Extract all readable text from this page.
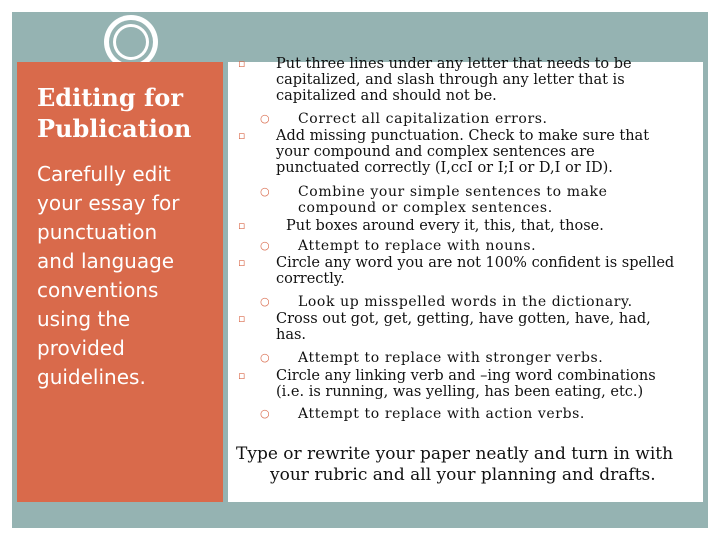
Editing for
Publication

Carefully edit
your essay for
punctuation
and language
conventions
using the
provided
guidelines.

▫	Put three lines under any letter that needs to be
capitalized, and slash through any letter that is
capitalized and should not be.
○ Correct all capitalization errors.
▫	Add missing punctuation. Check to make sure that
your compound and complex sentences are
punctuated correctly (I,ccI or I;I or D,I or ID).
○ Combine your simple sentences to make
compound or complex sentences.
▫	Put boxes around every it, this, that, those.
○ Attempt to replace with nouns.
▫	Circle any word you are not 100% confident is spelled
correctly.
○ Look up misspelled words in the dictionary.
▫	Cross out got, get, getting, have gotten, have, had,
has.
○ Attempt to replace with stronger verbs.
▫	Circle any linking verb and –ing word combinations
(i.e. is running, was yelling, has been eating, etc.)
○ Attempt to replace with action verbs.

Type or rewrite your paper neatly and turn in with
your rubric and all your planning and drafts.
